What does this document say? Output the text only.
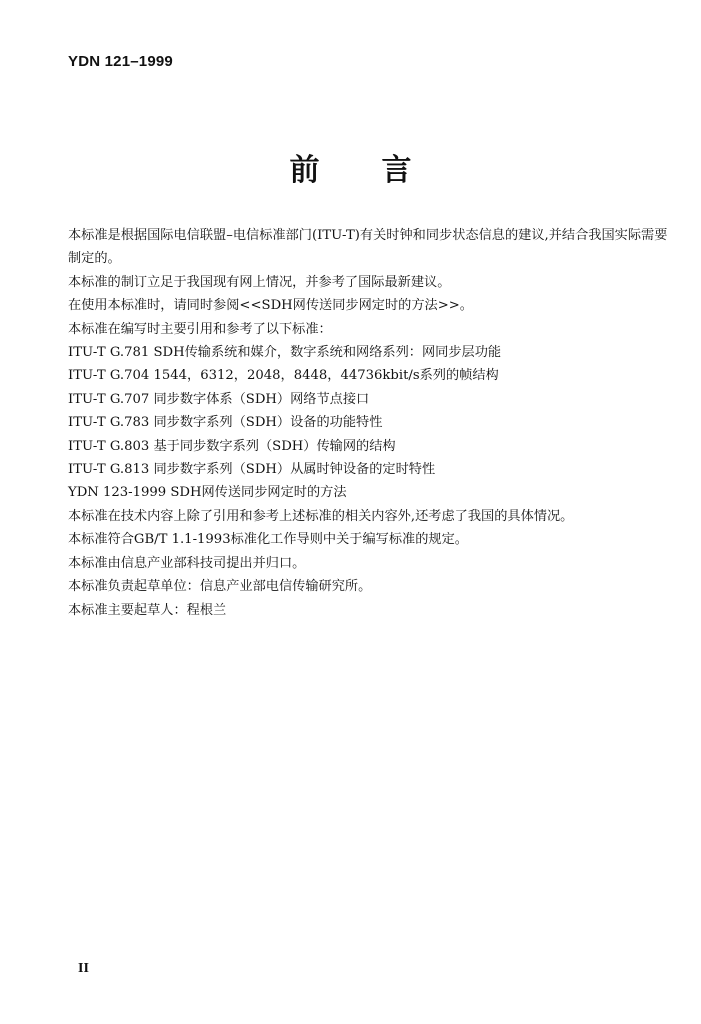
YDN 121–1999
前 言

本标准是根据国际电信联盟–电信标准部门(ITU-T)有关时钟和同步状态信息的建议,并结合我国实际需要制定的。

本标准的制订立足于我国现有网上情况，并参考了国际最新建议。

在使用本标准时，请同时参阅<<SDH网传送同步网定时的方法>>。

本标准在编写时主要引用和参考了以下标准：

ITU-T G.781 SDH传输系统和媒介，数字系统和网络系列：网同步层功能

ITU-T G.704 1544，6312，2048，8448，44736kbit/s系列的帧结构

ITU-T G.707 同步数字体系（SDH）网络节点接口

ITU-T G.783 同步数字系列（SDH）设备的功能特性

ITU-T G.803 基于同步数字系列（SDH）传输网的结构

ITU-T G.813 同步数字系列（SDH）从属时钟设备的定时特性

YDN 123-1999 SDH网传送同步网定时的方法

本标准在技术内容上除了引用和参考上述标准的相关内容外,还考虑了我国的具体情况。

本标准符合GB/T 1.1-1993标准化工作导则中关于编写标准的规定。

本标准由信息产业部科技司提出并归口。

本标准负责起草单位：信息产业部电信传输研究所。

本标准主要起草人：程根兰

II
